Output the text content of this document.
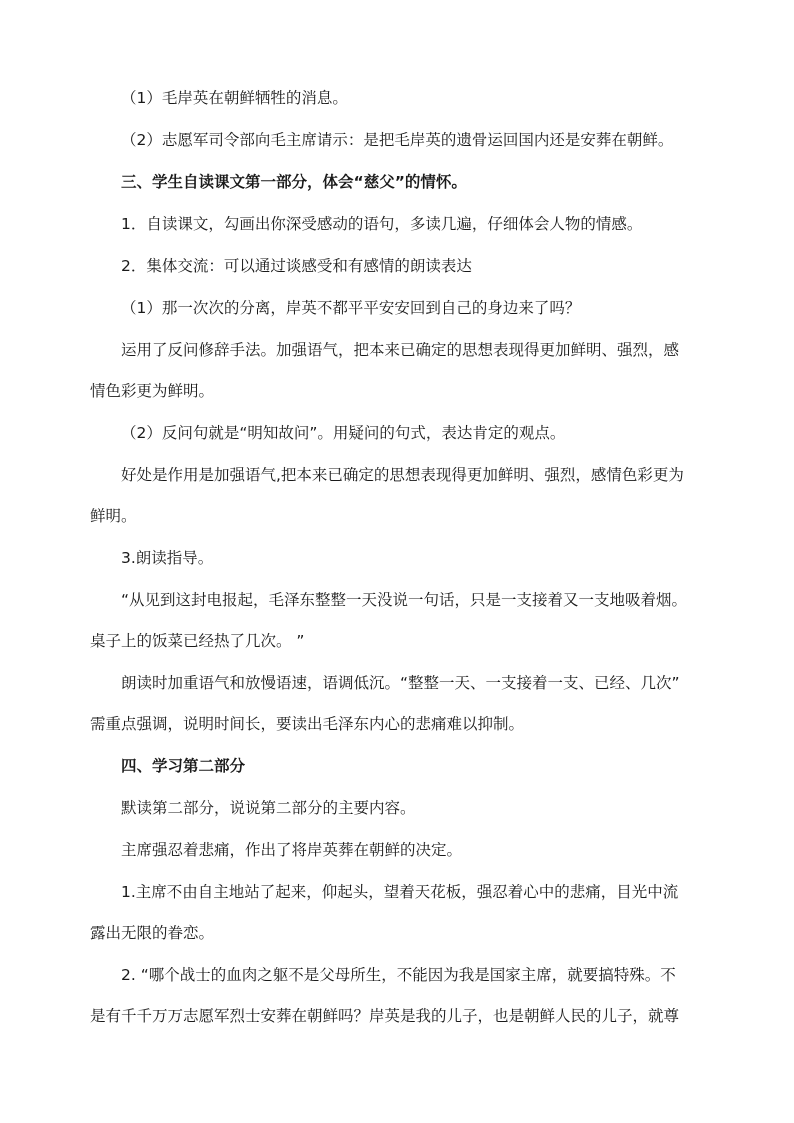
（1）毛岸英在朝鲜牺牲的消息。

（2）志愿军司令部向毛主席请示：是把毛岸英的遗骨运回国内还是安葬在朝鲜。

三、学生自读课文第一部分，体会“慈父”的情怀。

1．自读课文，勾画出你深受感动的语句，多读几遍，仔细体会人物的情感。

2．集体交流：可以通过谈感受和有感情的朗读表达

（1）那一次次的分离，岸英不都平平安安回到自己的身边来了吗？

运用了反问修辞手法。加强语气，把本来已确定的思想表现得更加鲜明、强烈，感
情色彩更为鲜明。

（2）反问句就是“明知故问”。用疑问的句式，表达肯定的观点。

好处是作用是加强语气,把本来已确定的思想表现得更加鲜明、强烈，感情色彩更为
鲜明。

3.朗读指导。

“从见到这封电报起，毛泽东整整一天没说一句话，只是一支接着又一支地吸着烟。
桌子上的饭菜已经热了几次。 ”
朗读时加重语气和放慢语速，语调低沉。“整整一天、一支接着一支、已经、几次”
需重点强调，说明时间长，要读出毛泽东内心的悲痛难以抑制。

四、学习第二部分

默读第二部分，说说第二部分的主要内容。

主席强忍着悲痛，作出了将岸英葬在朝鲜的决定。

1.主席不由自主地站了起来，仰起头，望着天花板，强忍着心中的悲痛，目光中流
露出无限的眷恋。
2. “哪个战士的血肉之躯不是父母所生，不能因为我是国家主席，就要搞特殊。不
是有千千万万志愿军烈士安葬在朝鲜吗？岸英是我的儿子，也是朝鲜人民的儿子，就尊
